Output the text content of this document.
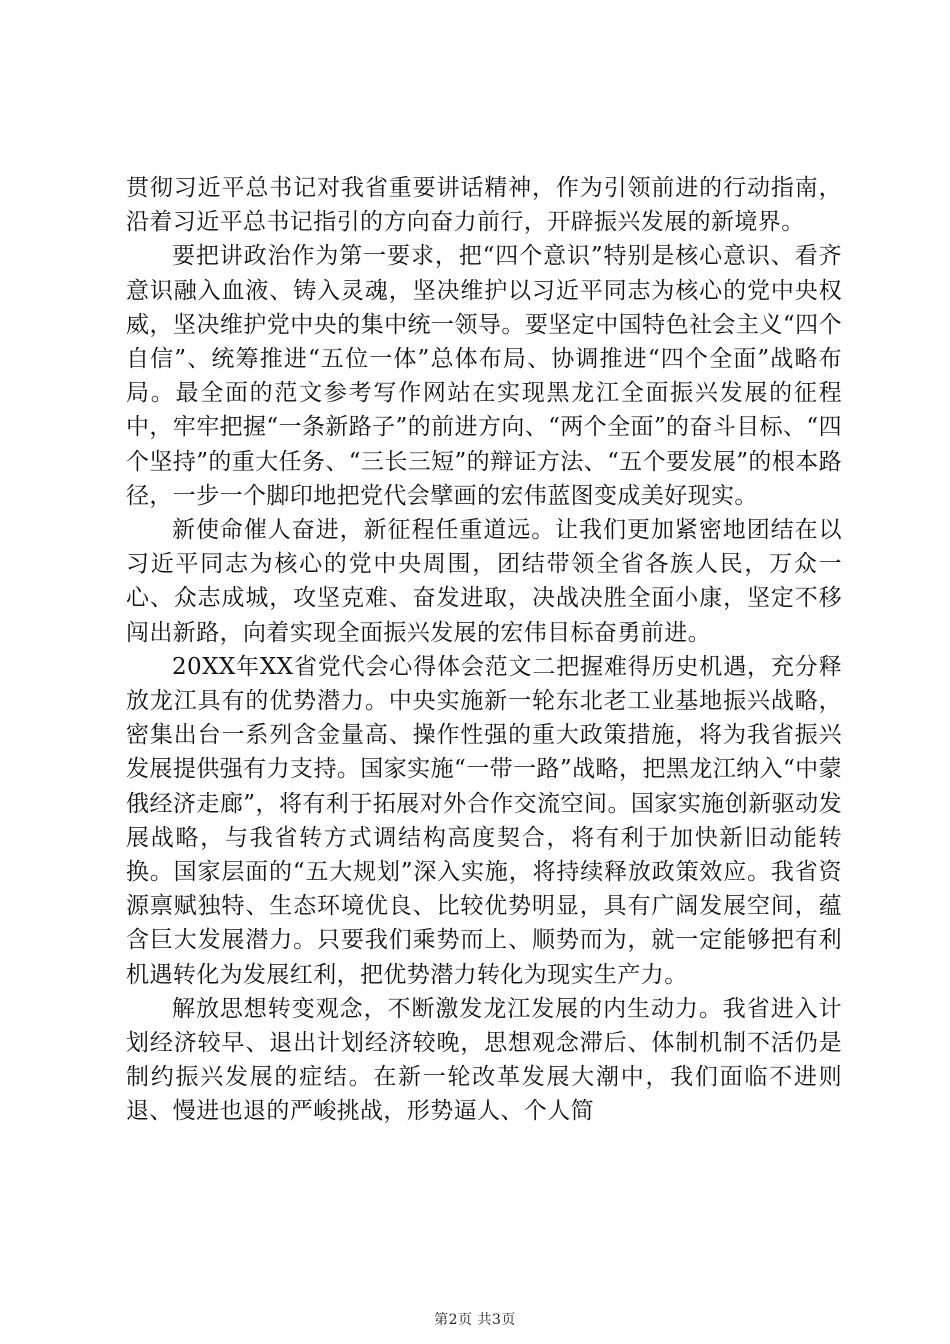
贯彻习近平总书记对我省重要讲话精神，作为引领前进的行动指南，沿着习近平总书记指引的方向奋力前行，开辟振兴发展的新境界。

要把讲政治作为第一要求，把“四个意识”特别是核心意识、看齐意识融入血液、铸入灵魂，坚决维护以习近平同志为核心的党中央权威，坚决维护党中央的集中统一领导。要坚定中国特色社会主义“四个自信”、统筹推进“五位一体”总体布局、协调推进“四个全面”战略布局。最全面的范文参考写作网站在实现黑龙江全面振兴发展的征程中，牢牢把握“一条新路子”的前进方向、“两个全面”的奋斗目标、“四个坚持”的重大任务、“三长三短”的辩证方法、“五个要发展”的根本路径，一步一个脚印地把党代会擘画的宏伟蓝图变成美好现实。

新使命催人奋进，新征程任重道远。让我们更加紧密地团结在以习近平同志为核心的党中央周围，团结带领全省各族人民，万众一心、众志成城，攻坚克难、奋发进取，决战决胜全面小康，坚定不移闯出新路，向着实现全面振兴发展的宏伟目标奋勇前进。

20XX年XX省党代会心得体会范文二把握难得历史机遇，充分释放龙江具有的优势潜力。中央实施新一轮东北老工业基地振兴战略，密集出台一系列含金量高、操作性强的重大政策措施，将为我省振兴发展提供强有力支持。国家实施“一带一路”战略，把黑龙江纳入“中蒙俄经济走廊”，将有利于拓展对外合作交流空间。国家实施创新驱动发展战略，与我省转方式调结构高度契合，将有利于加快新旧动能转换。国家层面的“五大规划”深入实施，将持续释放政策效应。我省资源禀赋独特、生态环境优良、比较优势明显，具有广阔发展空间，蕴含巨大发展潜力。只要我们乘势而上、顺势而为，就一定能够把有利机遇转化为发展红利，把优势潜力转化为现实生产力。

解放思想转变观念，不断激发龙江发展的内生动力。我省进入计划经济较早、退出计划经济较晚，思想观念滞后、体制机制不活仍是制约振兴发展的症结。在新一轮改革发展大潮中，我们面临不进则退、慢进也退的严峻挑战，形势逼人、个人简

第2页 共3页
